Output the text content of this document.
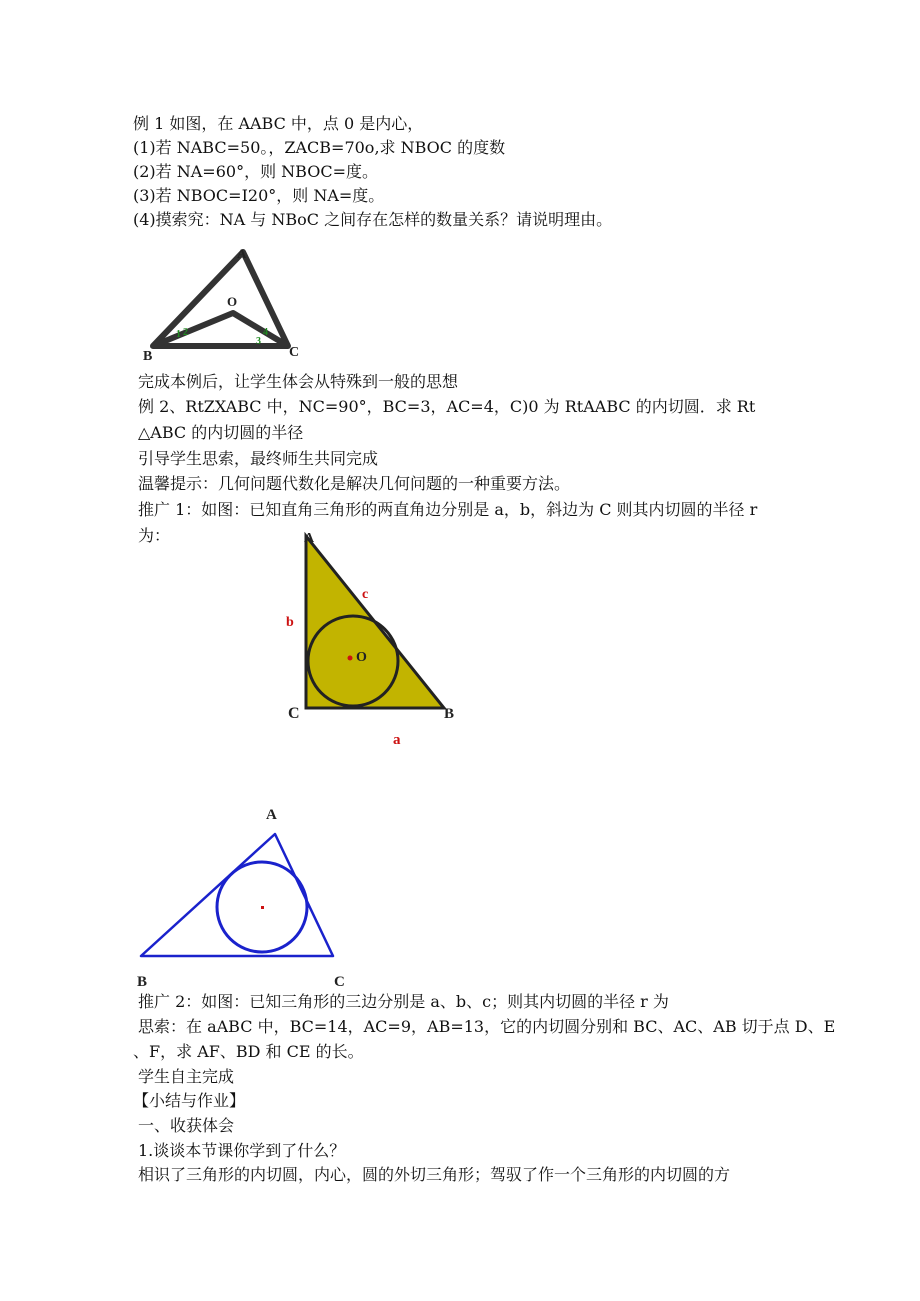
例 1 如图，在 AABC 中，点 0 是内心，
(1)若 NABC=50。，ZACB=70o,求 NBOC 的度数
(2)若 NA=60°，则 NBOC=度。
(3)若 NBOC=I20°，则 NA=度。
(4)摸索究：NA 与 NBoC 之间存在怎样的数量关系？请说明理由。
A
B	C
O
1 2
3
4
完成本例后，让学生体会从特殊到一般的思想
例 2、RtZXABC 中，NC=90°，BC=3，AC=4，C)0 为 RtAABC 的内切圆．求 Rt
△ABC 的内切圆的半径
引导学生思索，最终师生共同完成
温馨提示：几何问题代数化是解决几何问题的一种重要方法。
推广 1：如图：已知直角三角形的两直角边分别是 a，b，斜边为 C 则其内切圆的半径 r
为：	A
C	B
O
c
b
a
A
B	C
推广 2：如图：已知三角形的三边分别是 a、b、c；则其内切圆的半径 r 为
思索：在 aABC 中，BC=14，AC=9，AB=13，它的内切圆分别和 BC、AC、AB 切于点 D、E
、F，求 AF、BD 和 CE 的长。
学生自主完成
【小结与作业】
一、收获体会
1.谈谈本节课你学到了什么？
相识了三角形的内切圆，内心，圆的外切三角形；驾驭了作一个三角形的内切圆的方
